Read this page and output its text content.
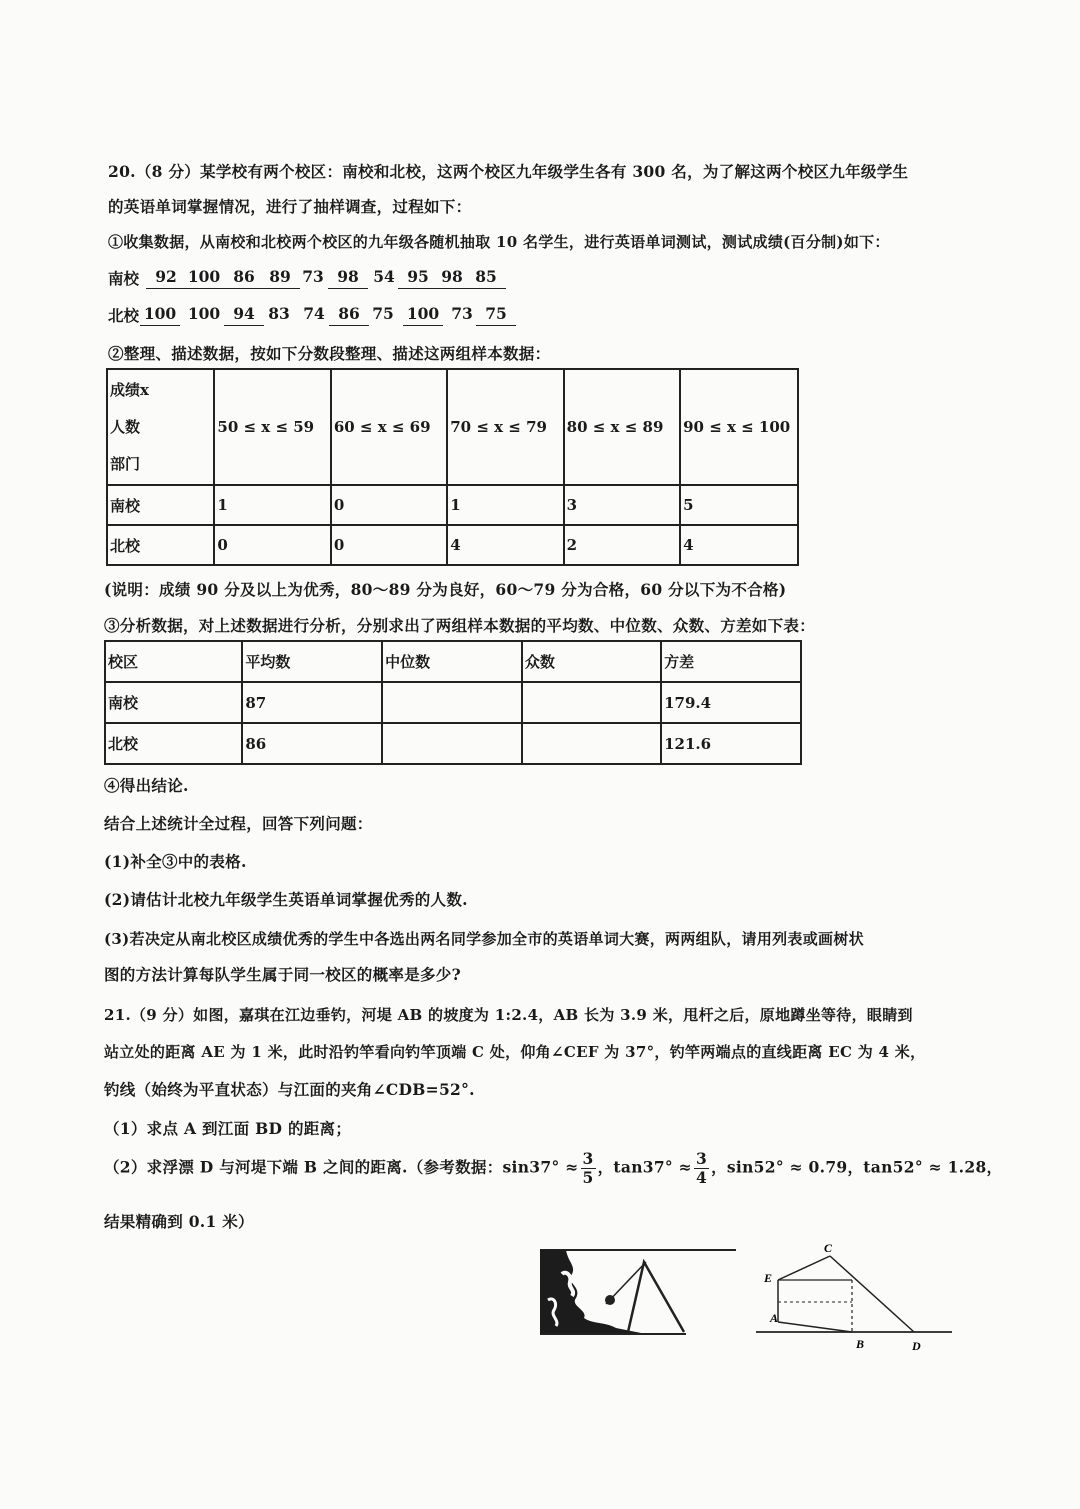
20.（8 分）某学校有两个校区：南校和北校，这两个校区九年级学生各有 300 名，为了解这两个校区九年级学生
的英语单词掌握情况，进行了抽样调查，过程如下：
①收集数据，从南校和北校两个校区的九年级各随机抽取 10 名学生，进行英语单词测试，测试成绩(百分制)如下：
南校	92 100 86 89 73 98 54 95 98 85
北校 100 100 94 83 74 86 75 100 73 75
②整理、描述数据，按如下分数段整理、描述这两组样本数据：
成绩x
人数
部门	50 ≤ x ≤ 59	60 ≤ x ≤ 69	70 ≤ x ≤ 79	80 ≤ x ≤ 89	90 ≤ x ≤ 100
南校	1	0	1	3	5
北校	0	0	4	2	4
(说明：成绩 90 分及以上为优秀，80～89 分为良好，60～79 分为合格，60 分以下为不合格)
③分析数据，对上述数据进行分析，分别求出了两组样本数据的平均数、中位数、众数、方差如下表：
校区	平均数	中位数	众数	方差
南校	87			179.4
北校	86			121.6
④得出结论.
结合上述统计全过程，回答下列问题：
(1)补全③中的表格.
(2)请估计北校九年级学生英语单词掌握优秀的人数.
(3)若决定从南北校区成绩优秀的学生中各选出两名同学参加全市的英语单词大赛，两两组队，请用列表或画树状
图的方法计算每队学生属于同一校区的概率是多少?
21.（9 分）如图，嘉琪在江边垂钓，河堤 AB 的坡度为 1:2.4，AB 长为 3.9 米，甩杆之后，原地蹲坐等待，眼睛到
站立处的距离 AE 为 1 米，此时沿钓竿看向钓竿顶端 C 处，仰角∠CEF 为 37°，钓竿两端点的直线距离 EC 为 4 米，
钓线（始终为平直状态）与江面的夹角∠CDB=52°.
（1）求点 A 到江面 BD 的距离；
（2）求浮漂 D 与河堤下端 B 之间的距离.（参考数据：$\sin 37^\circ \approx \frac{3}{5}$ ，$\tan 37^\circ \approx \frac{3}{4}$ ，sin52° ≈ 0.79，tan52° ≈ 1.28，
结果精确到 0.1 米）
C
E
A
B	D
